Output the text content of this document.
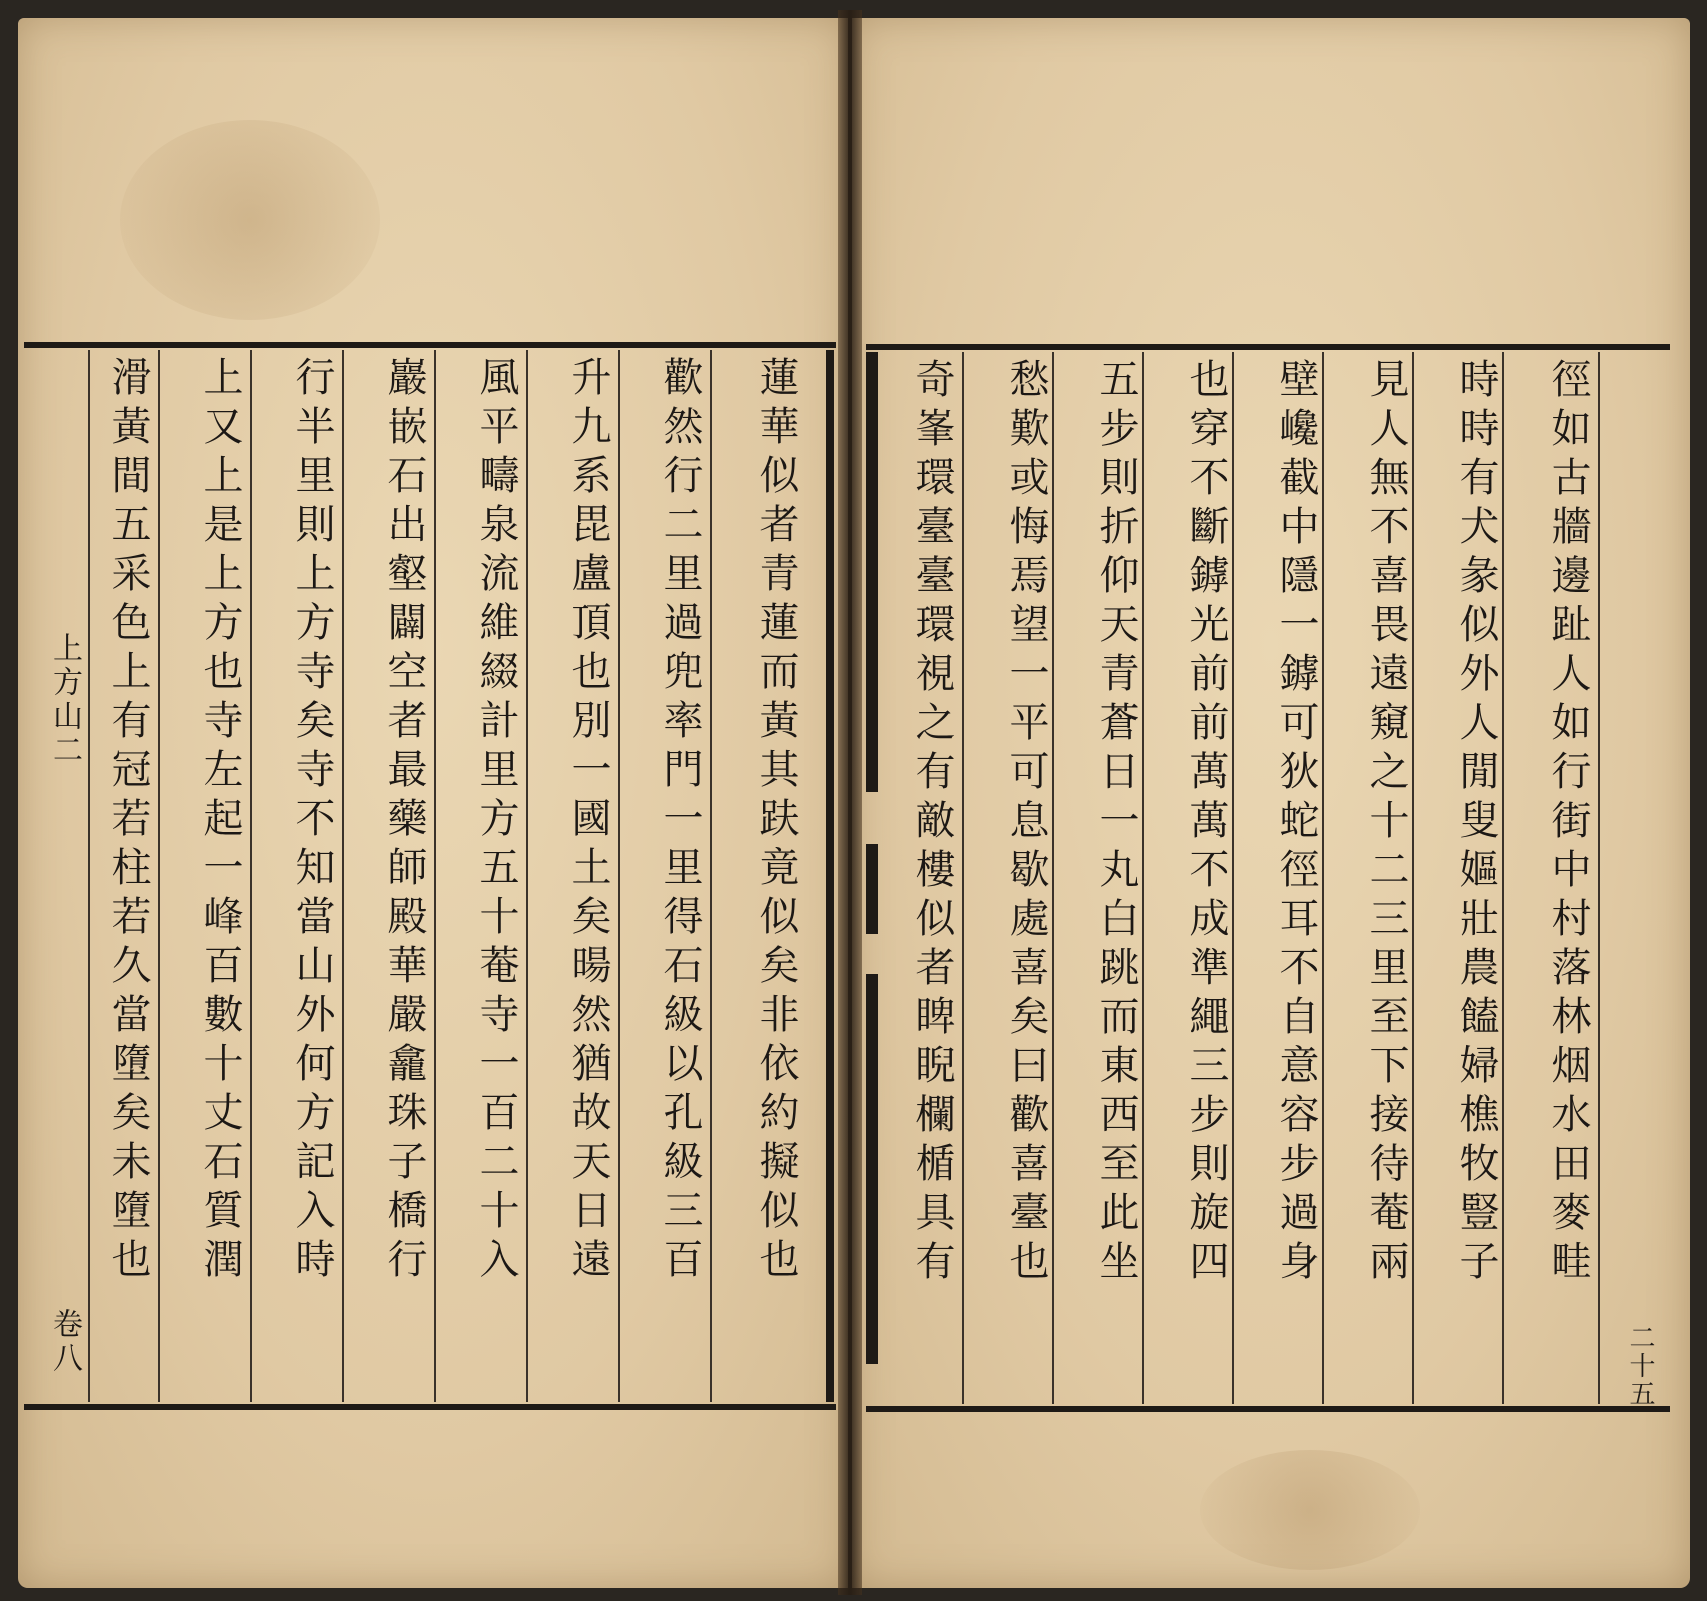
上方山二
卷八
蓮華似者青蓮而黃其趺竟似矣非依約擬似也
歡然行二里過兜率門一里得石級以孔級三百
升九系毘盧頂也別一國土矣暘然猶故天日遠
風平疇泉流維綴計里方五十菴寺一百二十入
巖嵌石出壑闢空者最藥師殿華嚴龕珠子橋行
行半里則上方寺矣寺不知當山外何方記入時
上又上是上方也寺左起一峰百數十丈石質潤
滑黃間五采色上有冠若柱若久當墮矣未墮也	徑如古牆邊趾人如行街中村落林烟水田麥畦
時時有犬彖似外人閒叟嫗壯農饁婦樵牧豎子
見人無不喜畏遠窺之十二三里至下接待菴兩
壁巉截中隱一鏬可狄蛇徑耳不自意容步過身
也穿不斷鏬光前前萬萬不成準繩三步則旋四
五步則折仰天青蒼日一丸白跳而東西至此坐
愁歎或悔焉望一平可息歇處喜矣曰歡喜臺也
奇峯環臺臺環視之有敵樓似者睥睨欄楯具有
二十五
